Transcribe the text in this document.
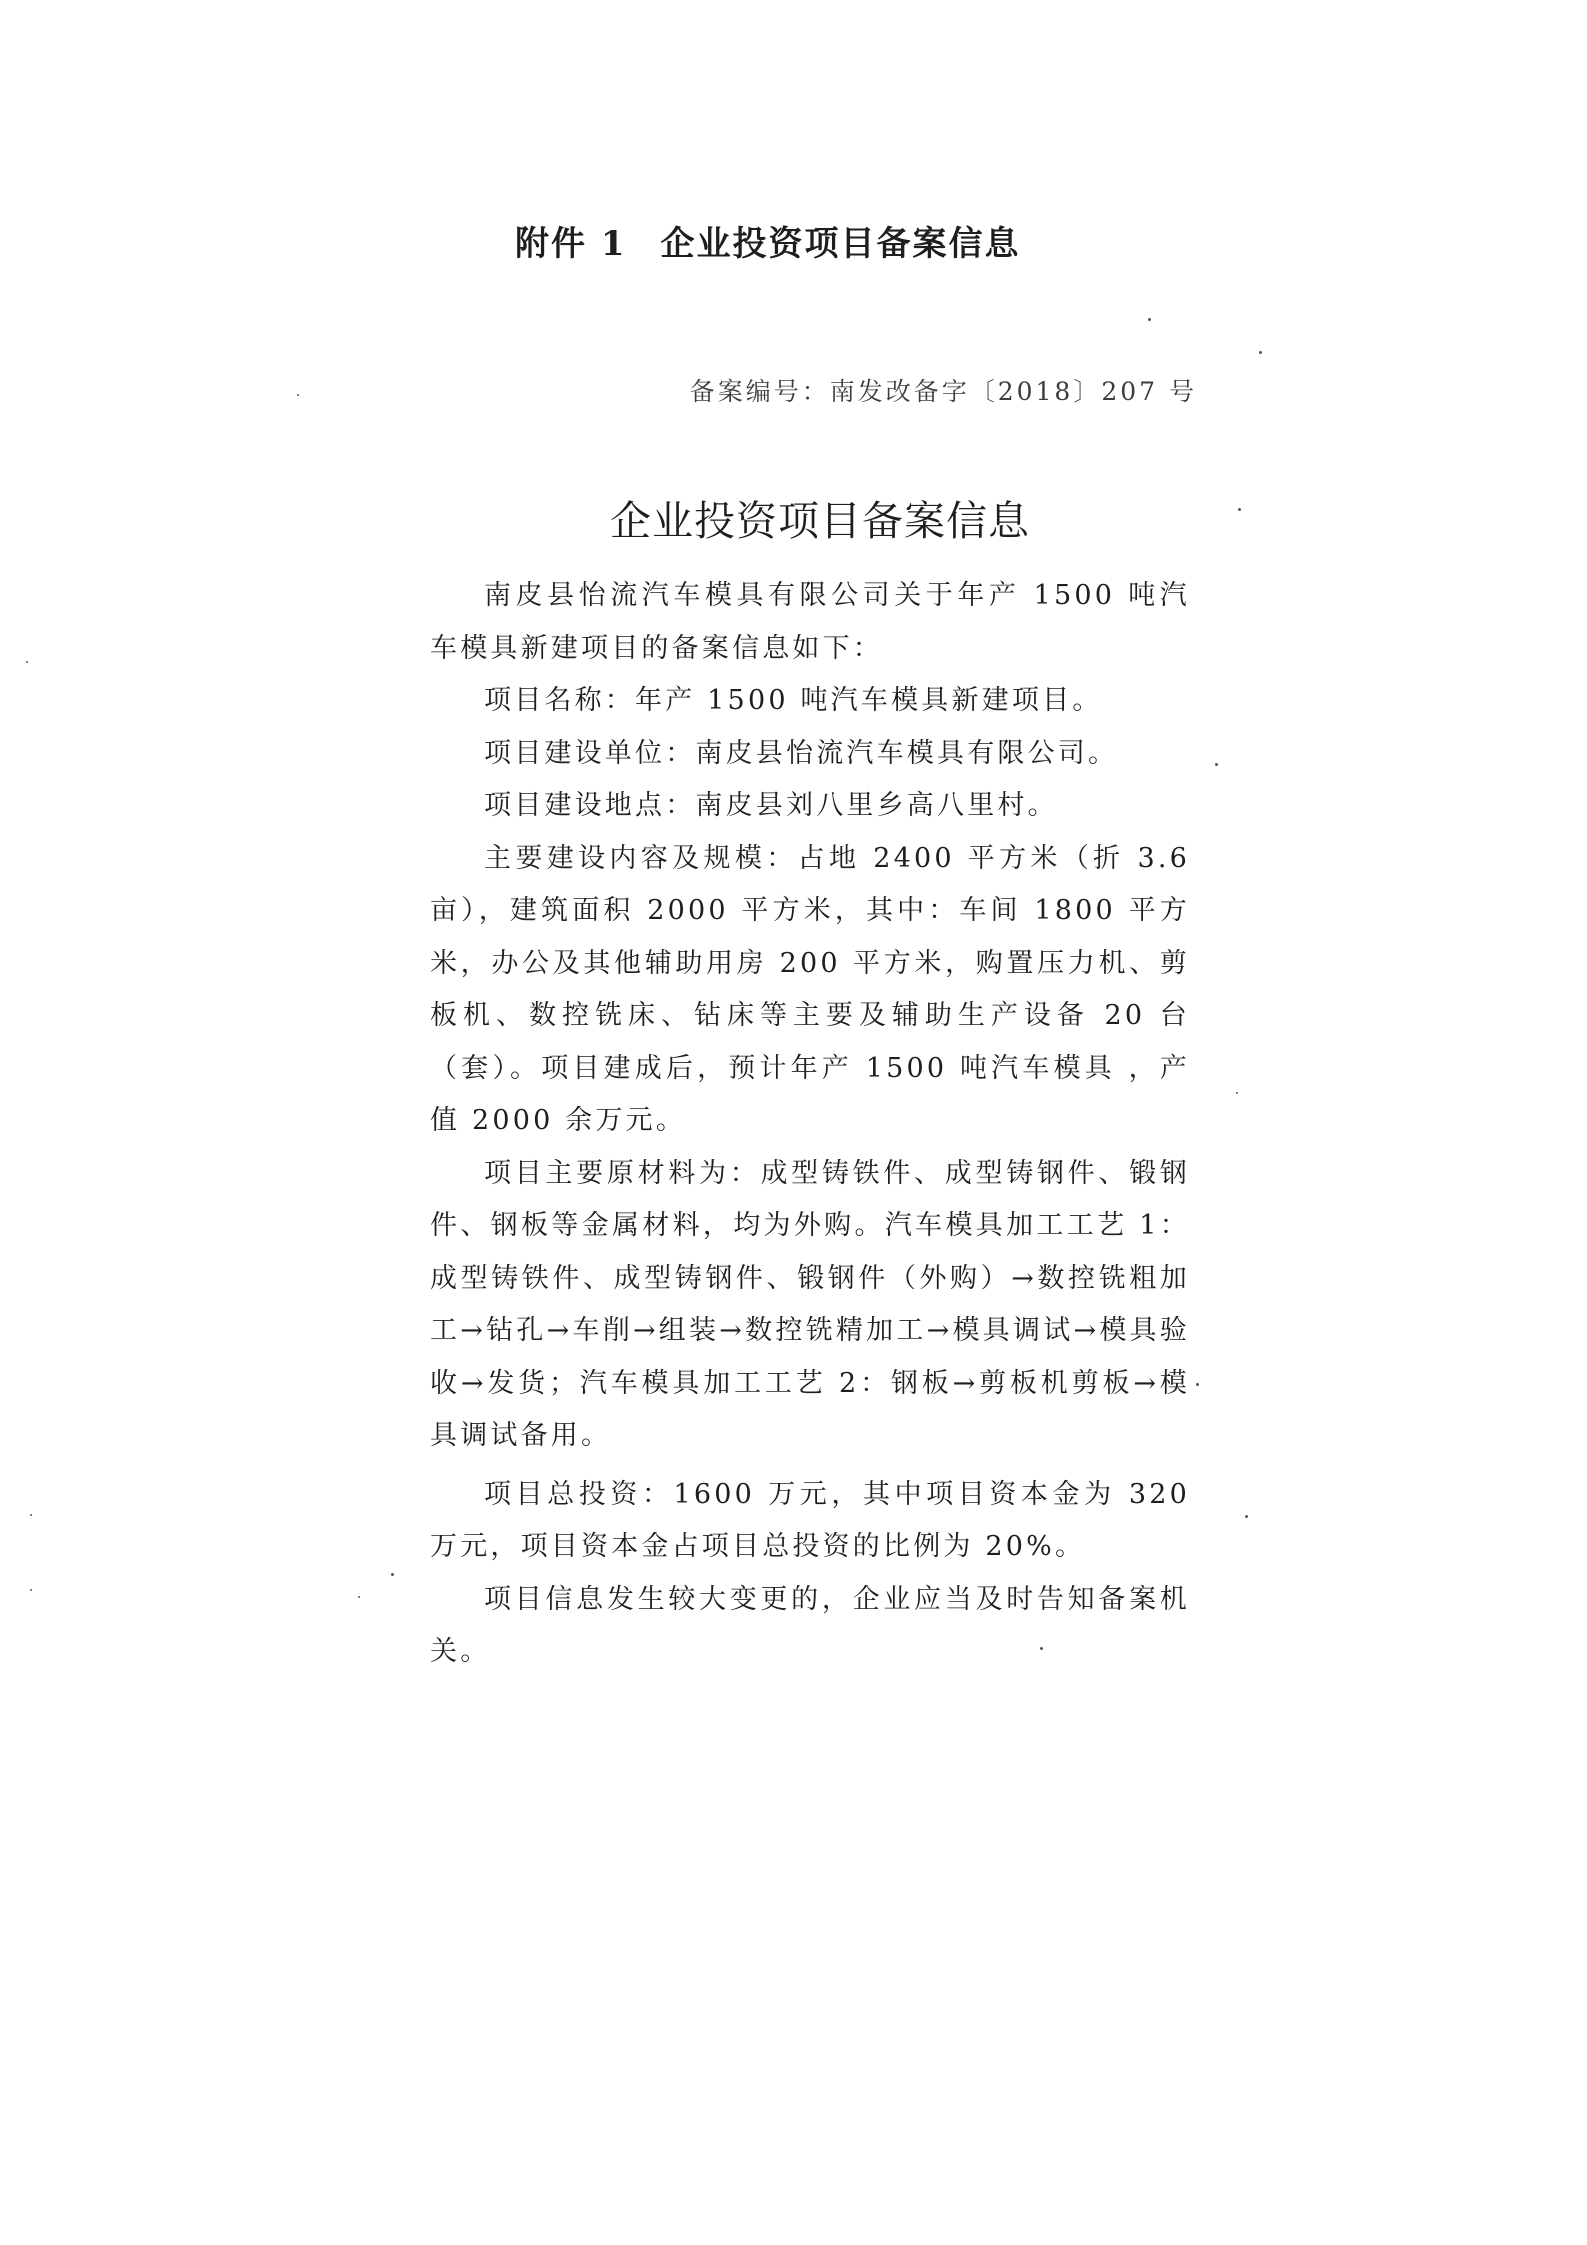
附件 1 企业投资项目备案信息
备案编号：南发改备字〔2018〕207 号
企业投资项目备案信息

南皮县怡流汽车模具有限公司关于年产 1500 吨汽车模具新建项目的备案信息如下：

项目名称：年产 1500 吨汽车模具新建项目。

项目建设单位：南皮县怡流汽车模具有限公司。

项目建设地点：南皮县刘八里乡高八里村。

主要建设内容及规模：占地 2400 平方米（折 3.6 亩），建筑面积 2000 平方米，其中：车间 1800 平方米，办公及其他辅助用房 200 平方米，购置压力机、剪板机、数控铣床、钻床等主要及辅助生产设备 20 台（套）。项目建成后，预计年产 1500 吨汽车模具 ，产值 2000 余万元。

项目主要原材料为：成型铸铁件、成型铸钢件、锻钢件、钢板等金属材料，均为外购。汽车模具加工工艺 1：成型铸铁件、成型铸钢件、锻钢件（外购）→数控铣粗加工→钻孔→车削→组装→数控铣精加工→模具调试→模具验收→发货；汽车模具加工工艺 2：钢板→剪板机剪板→模具调试备用。

项目总投资：1600 万元，其中项目资本金为 320 万元，项目资本金占项目总投资的比例为 20%。

项目信息发生较大变更的，企业应当及时告知备案机关。
